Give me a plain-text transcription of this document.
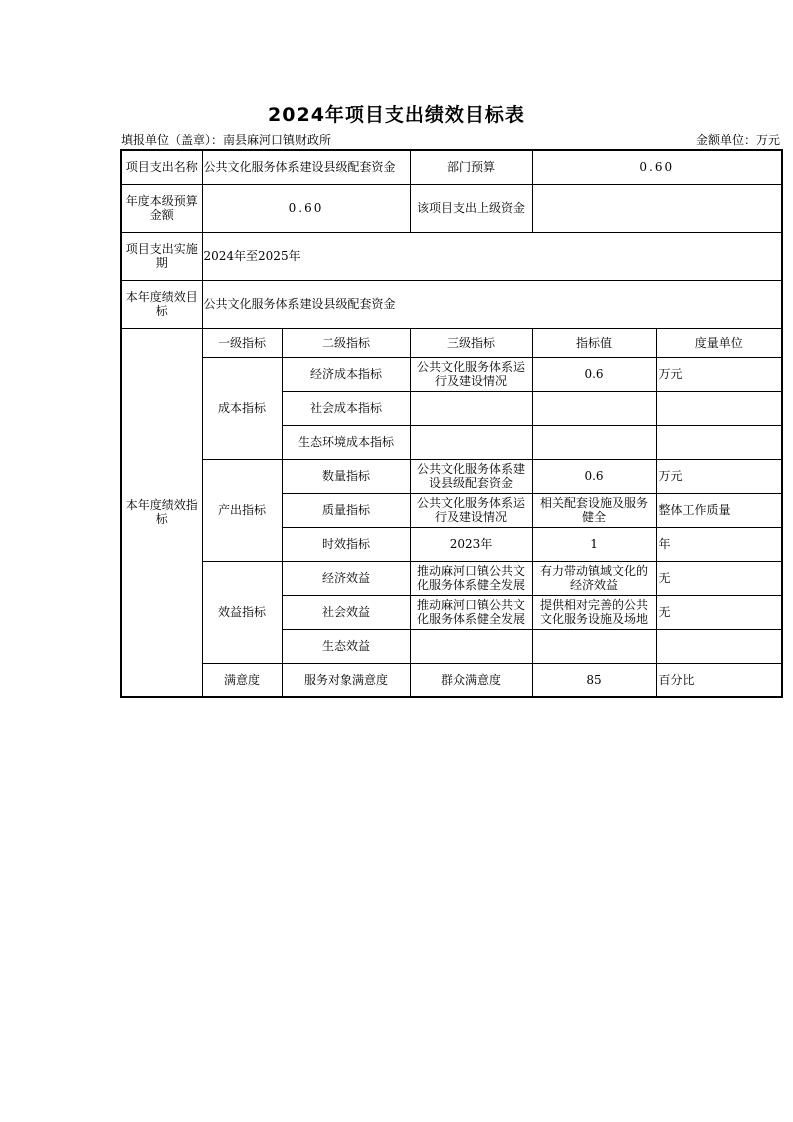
2024年项目支出绩效目标表
填报单位（盖章）：南县麻河口镇财政所	金额单位：万元
项目支出名称	公共文化服务体系建设县级配套资金		部门预算	0.60	
年度本级预算金额	0.60		该项目支出上级资金		
项目支出实施期	2024年至2025年				
本年度绩效目标	公共文化服务体系建设县级配套资金				
本年度绩效指标	一级指标	二级指标	三级指标	指标值	度量单位
	成本指标	经济成本指标	公共文化服务体系运行及建设情况	0.6	万元
		社会成本指标			
		生态环境成本指标			
	产出指标	数量指标	公共文化服务体系建设县级配套资金	0.6	万元
		质量指标	公共文化服务体系运行及建设情况	相关配套设施及服务健全	整体工作质量
		时效指标	2023年	1	年
	效益指标	经济效益	推动麻河口镇公共文化服务体系健全发展	有力带动镇域文化的经济效益	无
		社会效益	推动麻河口镇公共文化服务体系健全发展	提供相对完善的公共文化服务设施及场地	无
		生态效益			
	满意度	服务对象满意度	群众满意度	85	百分比
